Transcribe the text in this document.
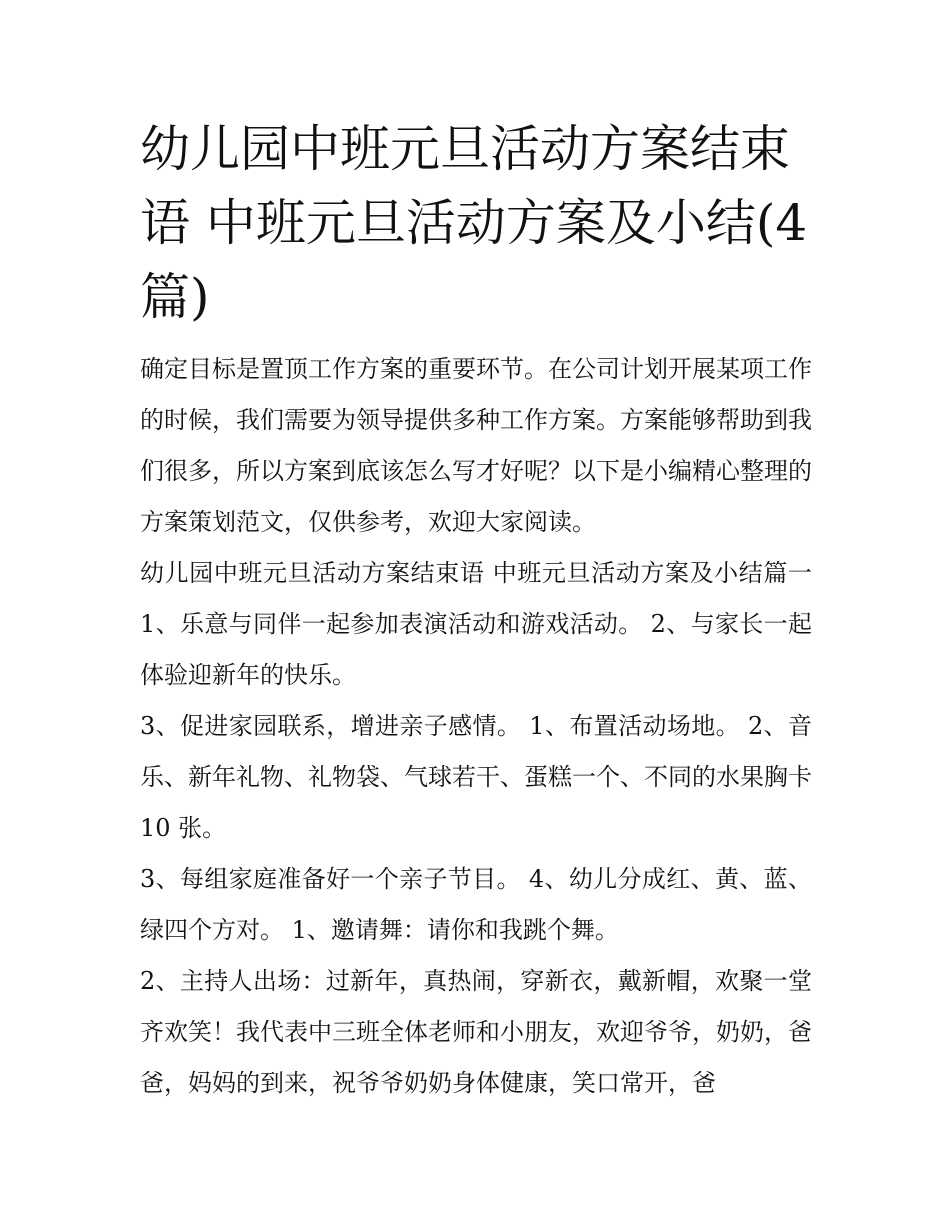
幼儿园中班元旦活动方案结束语 中班元旦活动方案及小结(4篇)

确定目标是置顶工作方案的重要环节。在公司计划开展某项工作的时候，我们需要为领导提供多种工作方案。方案能够帮助到我们很多，所以方案到底该怎么写才好呢？以下是小编精心整理的方案策划范文，仅供参考，欢迎大家阅读。

幼儿园中班元旦活动方案结束语 中班元旦活动方案及小结篇一 1、乐意与同伴一起参加表演活动和游戏活动。 2、与家长一起体验迎新年的快乐。

3、促进家园联系，增进亲子感情。 1、布置活动场地。 2、音乐、新年礼物、礼物袋、气球若干、蛋糕一个、不同的水果胸卡 10 张。

3、每组家庭准备好一个亲子节目。 4、幼儿分成红、黄、蓝、绿四个方对。 1、邀请舞：请你和我跳个舞。

2、主持人出场：过新年，真热闹，穿新衣，戴新帽，欢聚一堂齐欢笑！我代表中三班全体老师和小朋友，欢迎爷爷，奶奶，爸爸，妈妈的到来，祝爷爷奶奶身体健康，笑口常开，爸
